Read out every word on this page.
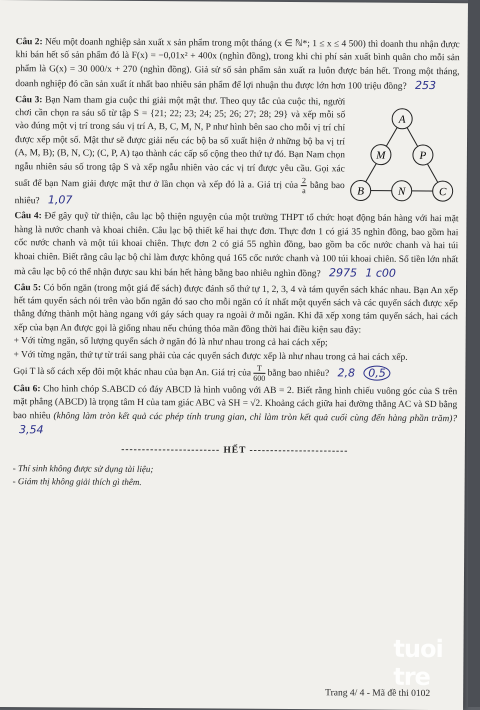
Câu 2: Nếu một doanh nghiệp sản xuất x sản phẩm trong một tháng (x ∈ ℕ*; 1 ≤ x ≤ 4 500) thì doanh thu nhận được khi bán hết số sản phẩm đó là F(x) = −0,01x² + 400x (nghìn đồng), trong khi chi phí sản xuất bình quân cho mỗi sản phẩm là G(x) = 30 000/x + 270 (nghìn đồng). Giả sử số sản phẩm sản xuất ra luôn được bán hết. Trong một tháng, doanh nghiệp đó cần sản xuất ít nhất bao nhiêu sản phẩm để lợi nhuận thu được lớn hơn 100 triệu đồng? 253

Câu 3: Bạn Nam tham gia cuộc thi giải một mật thư. Theo quy tắc của cuộc thi, người chơi cần chọn ra sáu số từ tập S = {21; 22; 23; 24; 25; 26; 27; 28; 29} và xếp mỗi số vào đúng một vị trí trong sáu vị trí A, B, C, M, N, P như hình bên sao cho mỗi vị trí chỉ được xếp một số. Mật thư sẽ được giải nếu các bộ ba số xuất hiện ở những bộ ba vị trí (A, M, B); (B, N, C); (C, P, A) tạo thành các cấp số cộng theo thứ tự đó. Bạn Nam chọn ngẫu nhiên sáu số trong tập S và xếp ngẫu nhiên vào các vị trí được yêu cầu. Gọi xác suất để bạn Nam giải được mật thư ở lần chọn và xếp đó là a. Giá trị của $\frac{2}{a}$ bằng bao nhiêu? 1,07
A
M	P
B	N	C

Câu 4: Để gây quỹ từ thiện, câu lạc bộ thiện nguyện của một trường THPT tổ chức hoạt động bán hàng với hai mặt hàng là nước chanh và khoai chiên. Câu lạc bộ thiết kế hai thực đơn. Thực đơn 1 có giá 35 nghìn đồng, bao gồm hai cốc nước chanh và một túi khoai chiên. Thực đơn 2 có giá 55 nghìn đồng, bao gồm ba cốc nước chanh và hai túi khoai chiên. Biết rằng câu lạc bộ chỉ làm được không quá 165 cốc nước chanh và 100 túi khoai chiên. Số tiền lớn nhất mà câu lạc bộ có thể nhận được sau khi bán hết hàng bằng bao nhiêu nghìn đồng? 2975 1 c00

Câu 5: Có bốn ngăn (trong một giá để sách) được đánh số thứ tự 1, 2, 3, 4 và tám quyển sách khác nhau. Bạn An xếp hết tám quyển sách nói trên vào bốn ngăn đó sao cho mỗi ngăn có ít nhất một quyển sách và các quyển sách được xếp thẳng đứng thành một hàng ngang với gáy sách quay ra ngoài ở mỗi ngăn. Khi đã xếp xong tám quyển sách, hai cách xếp của bạn An được gọi là giống nhau nếu chúng thỏa mãn đồng thời hai điều kiện sau đây:
+ Với từng ngăn, số lượng quyển sách ở ngăn đó là như nhau trong cả hai cách xếp;
+ Với từng ngăn, thứ tự từ trái sang phải của các quyển sách được xếp là như nhau trong cả hai cách xếp.
Gọi T là số cách xếp đôi một khác nhau của bạn An. Giá trị của $\frac{T}{600}$ bằng bao nhiêu? 2,8 0,5

Câu 6: Cho hình chóp S.ABCD có đáy ABCD là hình vuông với AB = 2. Biết rằng hình chiếu vuông góc của S trên mặt phẳng (ABCD) là trọng tâm H của tam giác ABC và SH = √2. Khoảng cách giữa hai đường thẳng AC và SD bằng bao nhiêu (không làm tròn kết quả các phép tính trung gian, chỉ làm tròn kết quả cuối cùng đến hàng phần trăm)? 3,54

------------------------ HẾT ------------------------
- Thí sinh không được sử dụng tài liệu;
- Giám thị không giải thích gì thêm.
tuoi tre
Trang 4/ 4 - Mã đề thi 0102
